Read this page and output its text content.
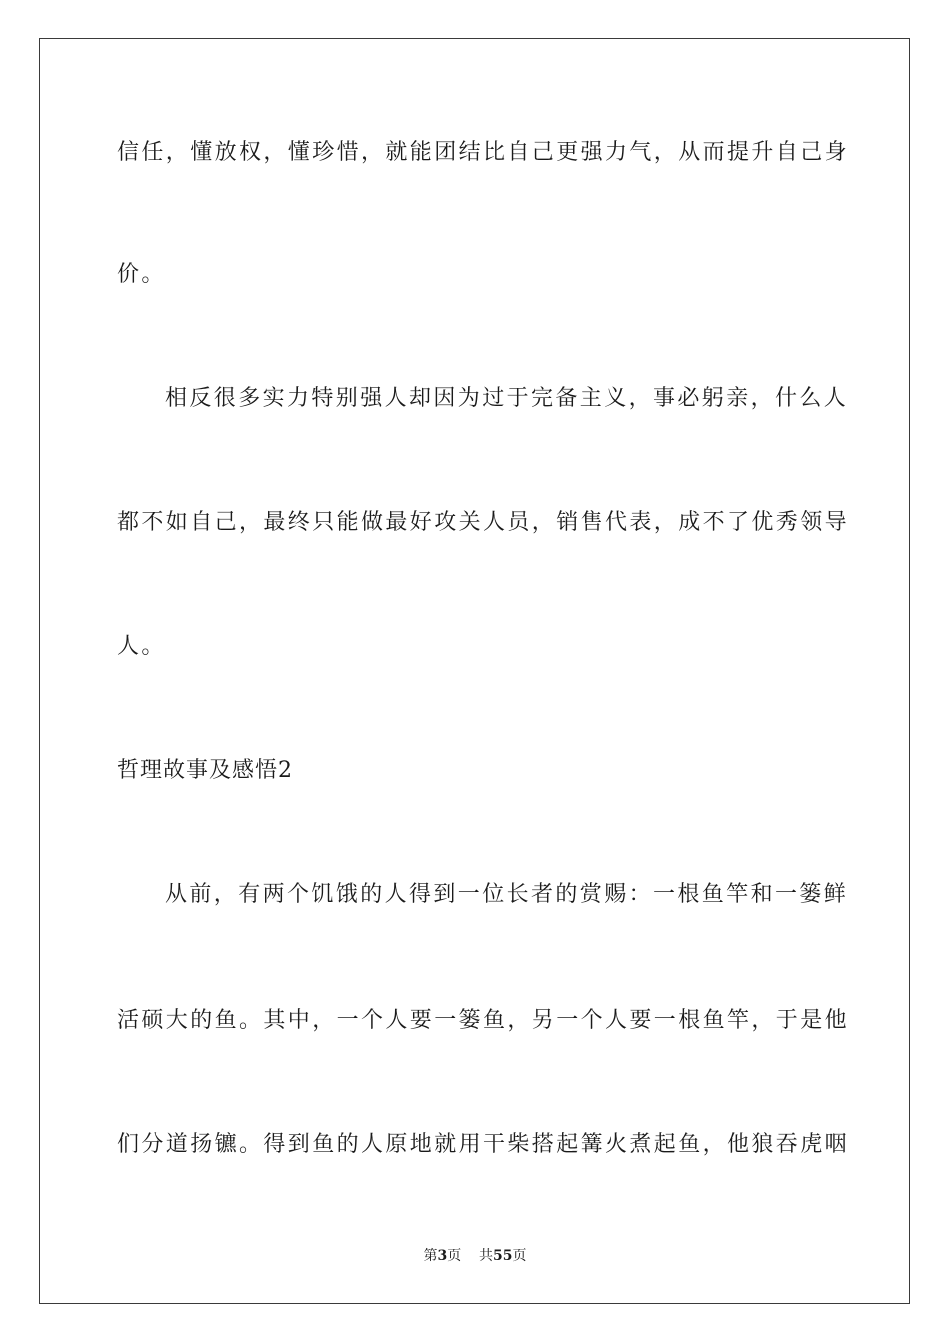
信任，懂放权，懂珍惜，就能团结比自己更强力气，从而提升自己身
价。
相反很多实力特别强人却因为过于完备主义，事必躬亲，什么人
都不如自己，最终只能做最好攻关人员，销售代表，成不了优秀领导
人。
哲理故事及感悟2
从前，有两个饥饿的人得到一位长者的赏赐：一根鱼竿和一篓鲜
活硕大的鱼。其中，一个人要一篓鱼，另一个人要一根鱼竿，于是他
们分道扬镳。得到鱼的人原地就用干柴搭起篝火煮起鱼，他狼吞虎咽
第3页 共55页
